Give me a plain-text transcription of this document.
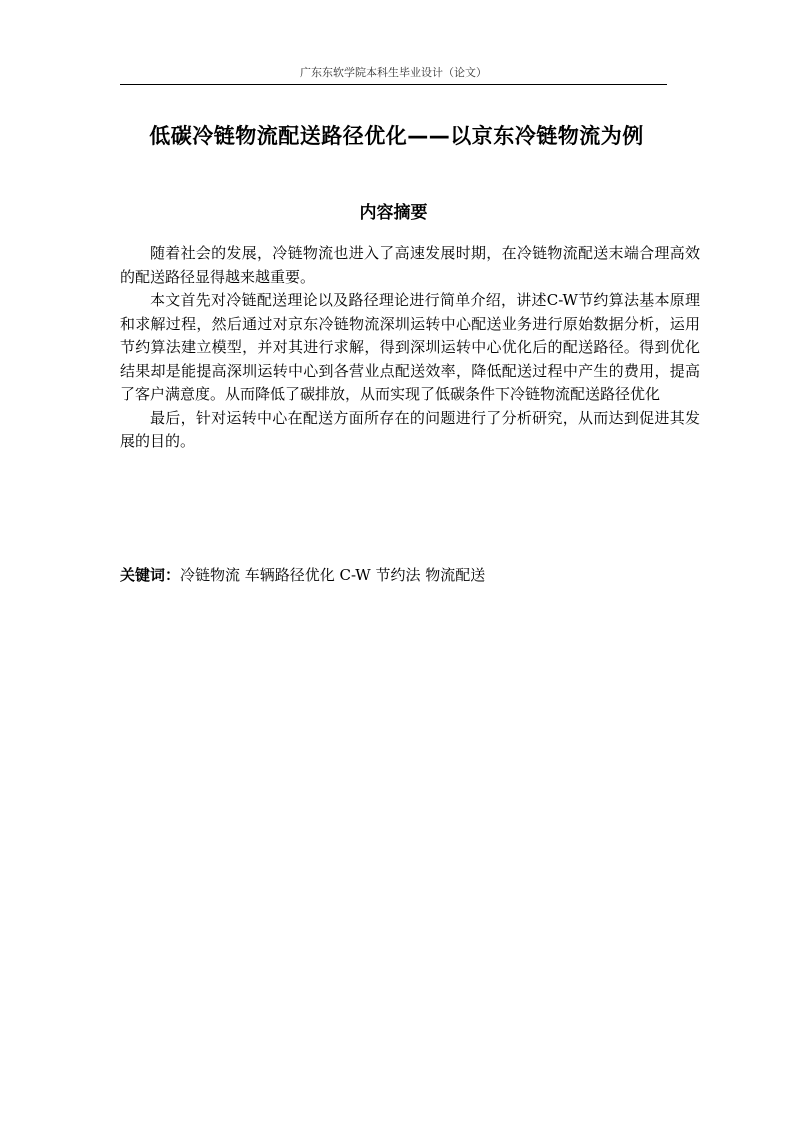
广东东软学院本科生毕业设计（论文）
低碳冷链物流配送路径优化——以京东冷链物流为例
内容摘要

随着社会的发展，冷链物流也进入了高速发展时期，在冷链物流配送末端合理高效的配送路径显得越来越重要。

本文首先对冷链配送理论以及路径理论进行简单介绍，讲述C-W节约算法基本原理和求解过程，然后通过对京东冷链物流深圳运转中心配送业务进行原始数据分析，运用节约算法建立模型，并对其进行求解，得到深圳运转中心优化后的配送路径。得到优化结果却是能提高深圳运转中心到各营业点配送效率，降低配送过程中产生的费用，提高了客户满意度。从而降低了碳排放，从而实现了低碳条件下冷链物流配送路径优化

最后，针对运转中心在配送方面所存在的问题进行了分析研究，从而达到促进其发展的目的。

关键词：冷链物流 车辆路径优化 C-W 节约法 物流配送
